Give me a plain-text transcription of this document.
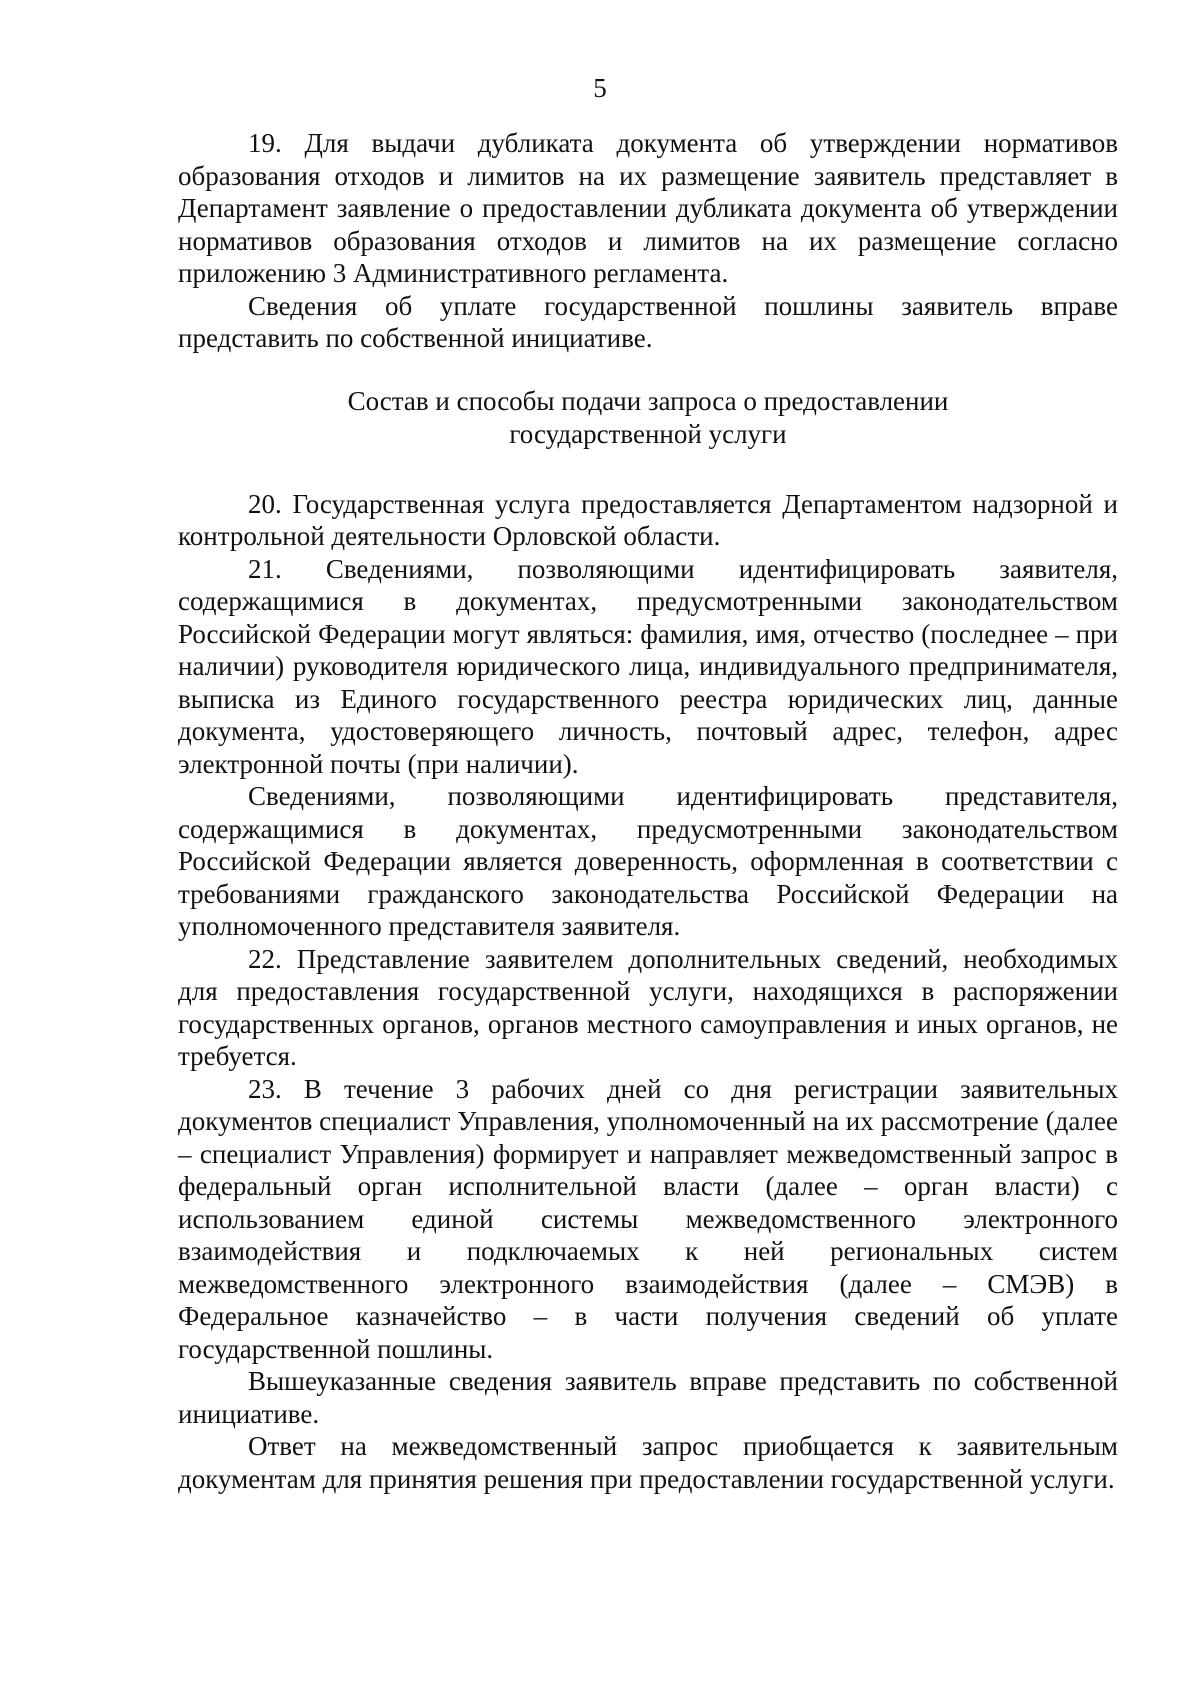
5

19. Для выдачи дубликата документа об утверждении нормативов образования отходов и лимитов на их размещение заявитель представляет в Департамент заявление о предоставлении дубликата документа об утверждении нормативов образования отходов и лимитов на их размещение согласно приложению 3 Административного регламента.

Сведения об уплате государственной пошлины заявитель вправе представить по собственной инициативе.

Состав и способы подачи запроса о предоставлении
государственной услуги

20. Государственная услуга предоставляется Департаментом надзорной и контрольной деятельности Орловской области.

21. Сведениями, позволяющими идентифицировать заявителя, содержащимися в документах, предусмотренными законодательством Российской Федерации могут являться: фамилия, имя, отчество (последнее – при наличии) руководителя юридического лица, индивидуального предпринимателя, выписка из Единого государственного реестра юридических лиц, данные документа, удостоверяющего личность, почтовый адрес, телефон, адрес электронной почты (при наличии).

Сведениями, позволяющими идентифицировать представителя, содержащимися в документах, предусмотренными законодательством Российской Федерации является доверенность, оформленная в соответствии с требованиями гражданского законодательства Российской Федерации на уполномоченного представителя заявителя.

22. Представление заявителем дополнительных сведений, необходимых для предоставления государственной услуги, находящихся в распоряжении государственных органов, органов местного самоуправления и иных органов, не требуется.

23. В течение 3 рабочих дней со дня регистрации заявительных документов специалист Управления, уполномоченный на их рассмотрение (далее – специалист Управления) формирует и направляет межведомственный запрос в федеральный орган исполнительной власти (далее – орган власти) с использованием единой системы межведомственного электронного взаимодействия и подключаемых к ней региональных систем межведомственного электронного взаимодействия (далее – СМЭВ) в Федеральное казначейство – в части получения сведений об уплате государственной пошлины.

Вышеуказанные сведения заявитель вправе представить по собственной инициативе.

Ответ на межведомственный запрос приобщается к заявительным документам для принятия решения при предоставлении государственной услуги.
